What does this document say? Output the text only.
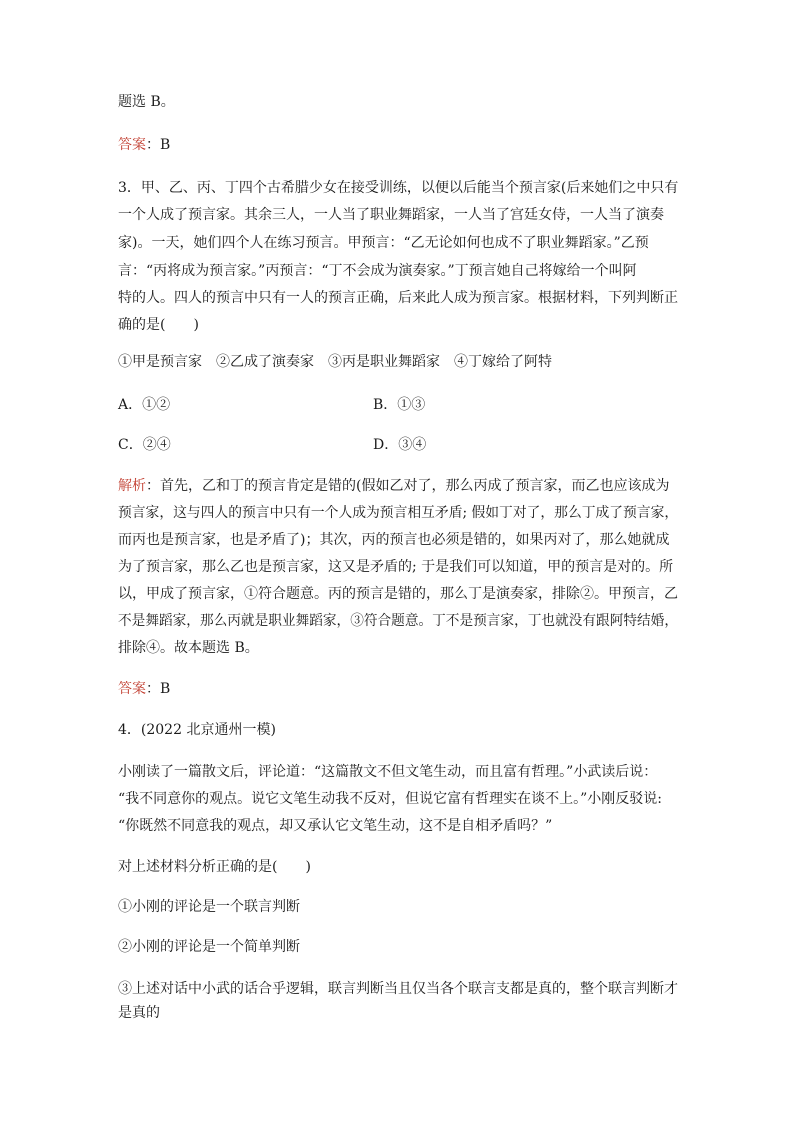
题选 B。
答案：B
3．甲、乙、丙、丁四个古希腊少女在接受训练，以便以后能当个预言家(后来她们之中只有
一个人成了预言家。其余三人，一人当了职业舞蹈家，一人当了宫廷女侍，一人当了演奏
家)。一天，她们四个人在练习预言。甲预言：“乙无论如何也成不了职业舞蹈家。”乙预
言：“丙将成为预言家。”丙预言：“丁不会成为演奏家。”丁预言她自己将嫁给一个叫阿
特的人。四人的预言中只有一人的预言正确，后来此人成为预言家。根据材料，下列判断正
确的是(　　)
①甲是预言家　②乙成了演奏家　③丙是职业舞蹈家　④丁嫁给了阿特
A．①②	B．①③
C．②④	D．③④
解析：首先，乙和丁的预言肯定是错的(假如乙对了，那么丙成了预言家，而乙也应该成为
预言家，这与四人的预言中只有一个人成为预言相互矛盾; 假如丁对了，那么丁成了预言家，
而丙也是预言家，也是矛盾了)；其次，丙的预言也必须是错的，如果丙对了，那么她就成
为了预言家，那么乙也是预言家，这又是矛盾的; 于是我们可以知道，甲的预言是对的。所
以，甲成了预言家，①符合题意。丙的预言是错的，那么丁是演奏家，排除②。甲预言，乙
不是舞蹈家，那么丙就是职业舞蹈家，③符合题意。丁不是预言家，丁也就没有跟阿特结婚，
排除④。故本题选 B。
答案：B
4．(2022 北京通州一模)
小刚读了一篇散文后，评论道：“这篇散文不但文笔生动，而且富有哲理。”小武读后说：
“我不同意你的观点。说它文笔生动我不反对，但说它富有哲理实在谈不上。”小刚反驳说:
“你既然不同意我的观点，却又承认它文笔生动，这不是自相矛盾吗？”
对上述材料分析正确的是(　　)
①小刚的评论是一个联言判断
②小刚的评论是一个简单判断
③上述对话中小武的话合乎逻辑，联言判断当且仅当各个联言支都是真的，整个联言判断才
是真的
